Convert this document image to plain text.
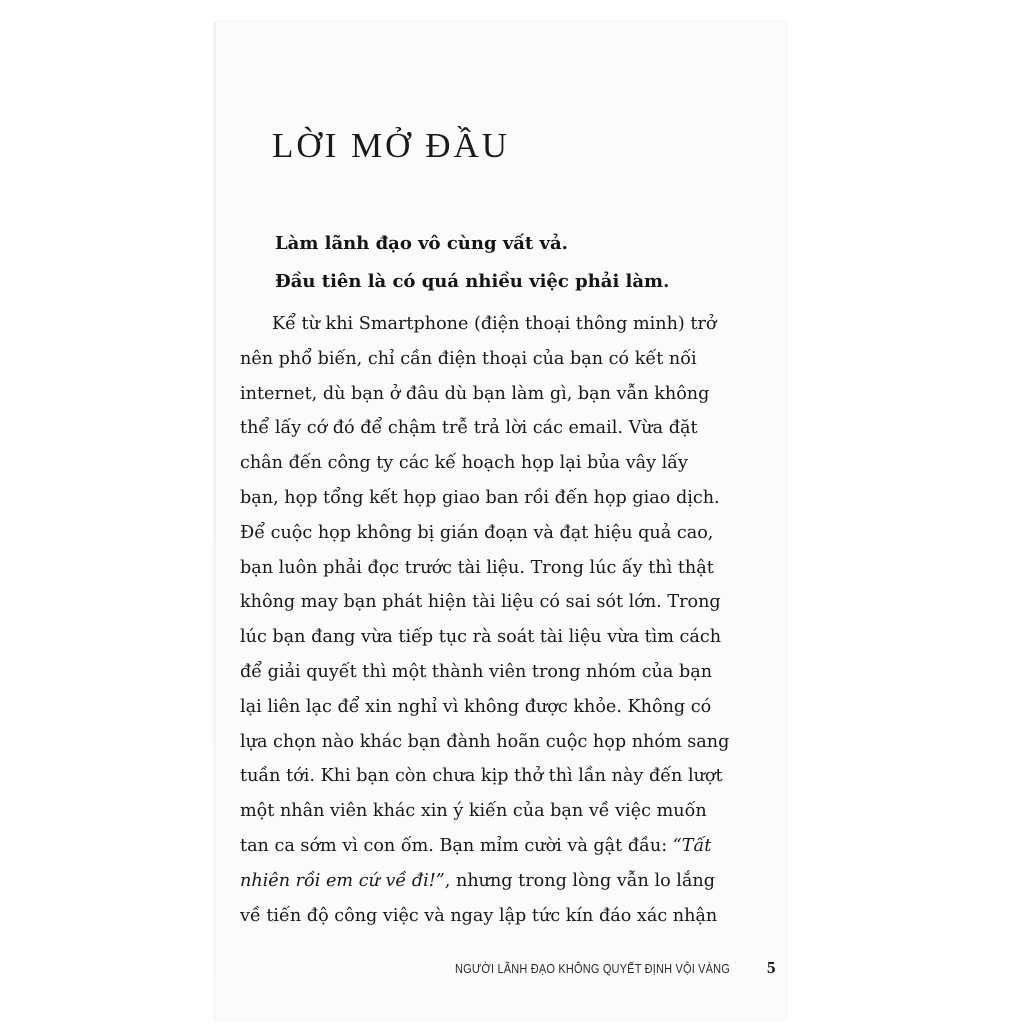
LỜI MỞ ĐẦU
Làm lãnh đạo vô cùng vất vả.
Đầu tiên là có quá nhiều việc phải làm.
Kể từ khi Smartphone (điện thoại thông minh) trở
nên phổ biến, chỉ cần điện thoại của bạn có kết nối
internet, dù bạn ở đâu dù bạn làm gì, bạn vẫn không
thể lấy cớ đó để chậm trễ trả lời các email. Vừa đặt
chân đến công ty các kế hoạch họp lại bủa vây lấy
bạn, họp tổng kết họp giao ban rồi đến họp giao dịch.
Để cuộc họp không bị gián đoạn và đạt hiệu quả cao,
bạn luôn phải đọc trước tài liệu. Trong lúc ấy thì thật
không may bạn phát hiện tài liệu có sai sót lớn. Trong
lúc bạn đang vừa tiếp tục rà soát tài liệu vừa tìm cách
để giải quyết thì một thành viên trong nhóm của bạn
lại liên lạc để xin nghỉ vì không được khỏe. Không có
lựa chọn nào khác bạn đành hoãn cuộc họp nhóm sang
tuần tới. Khi bạn còn chưa kịp thở thì lần này đến lượt
một nhân viên khác xin ý kiến của bạn về việc muốn
tan ca sớm vì con ốm. Bạn mỉm cười và gật đầu: “Tất
nhiên rồi em cứ về đi!”, nhưng trong lòng vẫn lo lắng
về tiến độ công việc và ngay lập tức kín đáo xác nhận
NGƯỜI LÃNH ĐẠO KHÔNG QUYẾT ĐỊNH VỘI VÀNG 5
